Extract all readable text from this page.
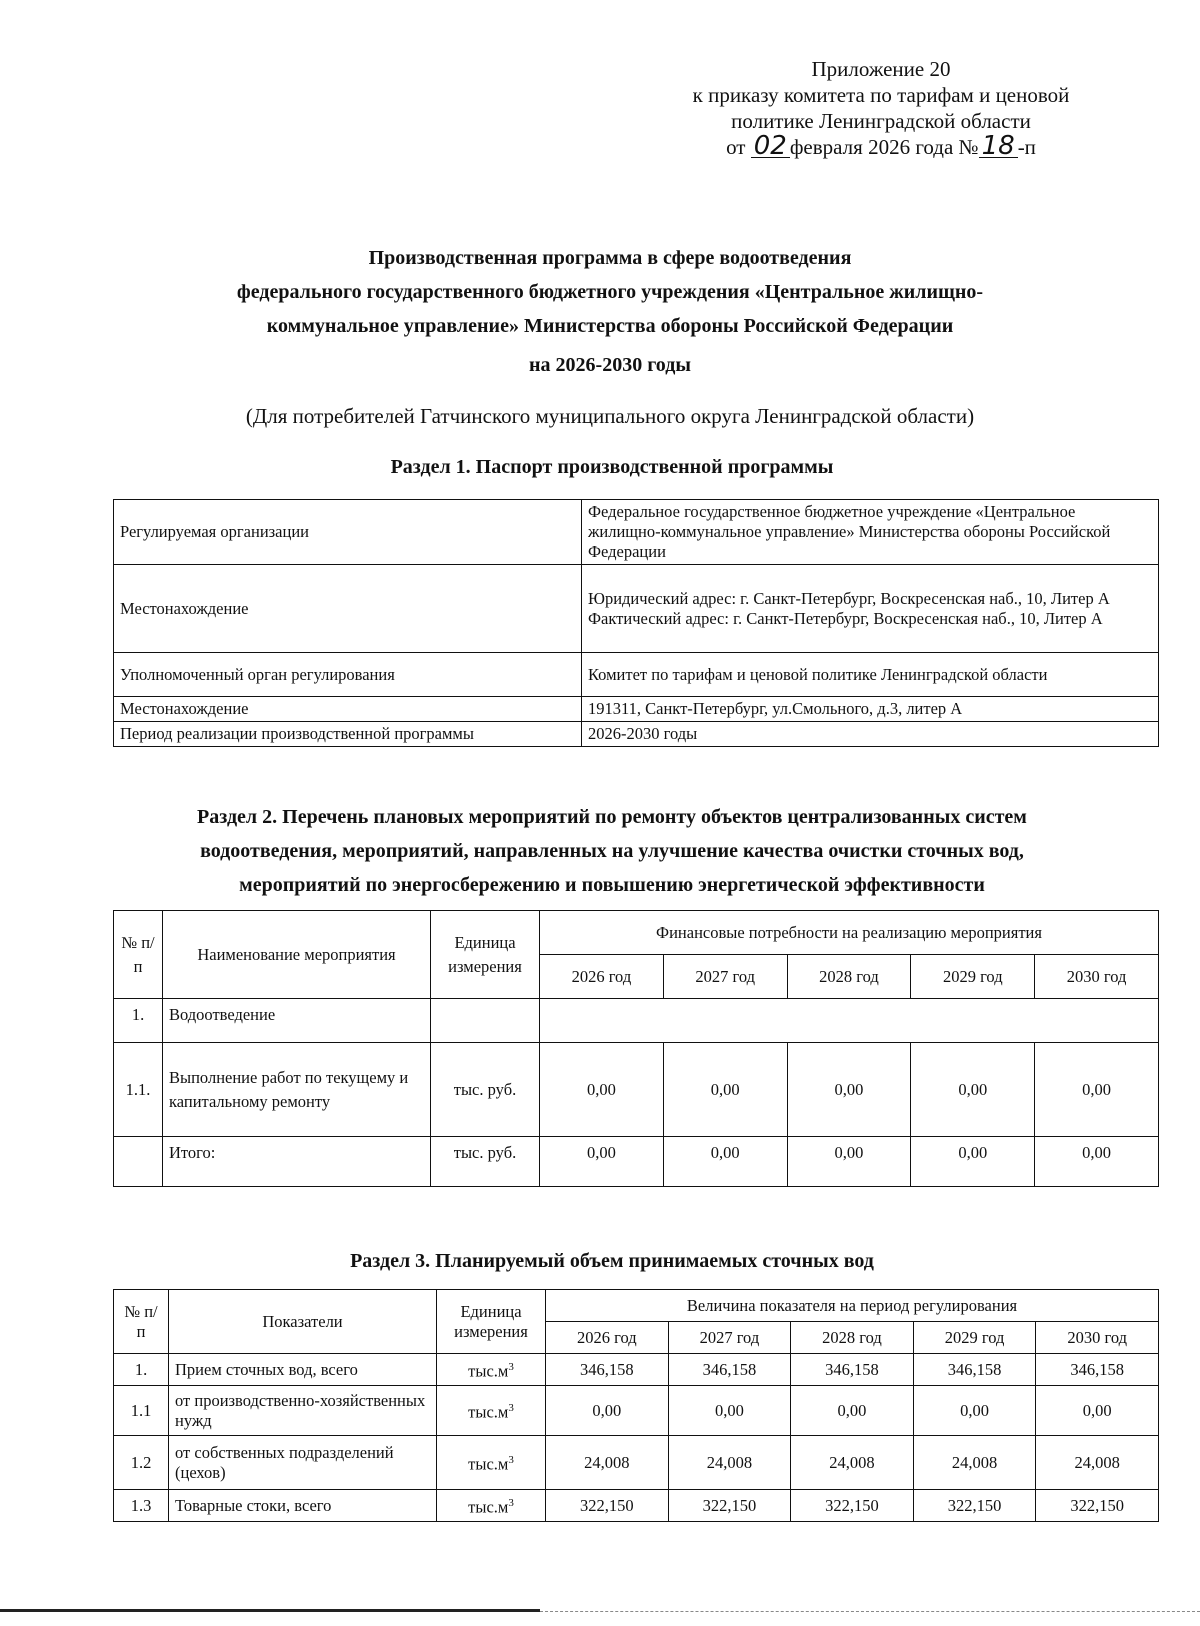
Приложение 20
к приказу комитета по тарифам и ценовой
политике Ленинградской области
от 02 февраля 2026 года № 18 -п
Производственная программа в сфере водоотведения
федерального государственного бюджетного учреждения «Центральное жилищно-
коммунальное управление» Министерства обороны Российской Федерации
на 2026-2030 годы
(Для потребителей Гатчинского муниципального округа Ленинградской области)
Раздел 1. Паспорт производственной программы
Регулируемая организации	Федеральное государственное бюджетное учреждение «Центральное жилищно-коммунальное управление» Министерства обороны Российской Федерации
Местонахождение	Юридический адрес: г. Санкт-Петербург, Воскресенская наб., 10, Литер А
Фактический адрес: г. Санкт-Петербург, Воскресенская наб., 10, Литер А

Уполномоченный орган регулирования	Комитет по тарифам и ценовой политике Ленинградской области
Местонахождение	191311, Санкт-Петербург, ул.Смольного, д.3, литер А
Период реализации производственной программы	2026-2030 годы
Раздел 2. Перечень плановых мероприятий по ремонту объектов централизованных систем
водоотведения, мероприятий, направленных на улучшение качества очистки сточных вод,
мероприятий по энергосбережению и повышению энергетической эффективности
№ п/п	Наименование мероприятия	Единица измерения	Финансовые потребности на реализацию мероприятия				
			2026 год	2027 год	2028 год	2029 год	2030 год
1.	Водоотведение						
1.1.	Выполнение работ по текущему и капитальному ремонту	тыс. руб.	0,00	0,00	0,00	0,00	0,00
	Итого:	тыс. руб.	0,00	0,00	0,00	0,00	0,00
Раздел 3. Планируемый объем принимаемых сточных вод
№ п/п	Показатели	Единица измерения	Величина показателя на период регулирования				
			2026 год	2027 год	2028 год	2029 год	2030 год
1.	Прием сточных вод, всего	$тыс.м^3$	346,158	346,158	346,158	346,158	346,158
1.1	от производственно-хозяйственных нужд	$тыс.м^3$	0,00	0,00	0,00	0,00	0,00
1.2	от собственных подразделений (цехов)	$тыс.м^3$	24,008	24,008	24,008	24,008	24,008
1.3	Товарные стоки, всего	$тыс.м^3$	322,150	322,150	322,150	322,150	322,150
